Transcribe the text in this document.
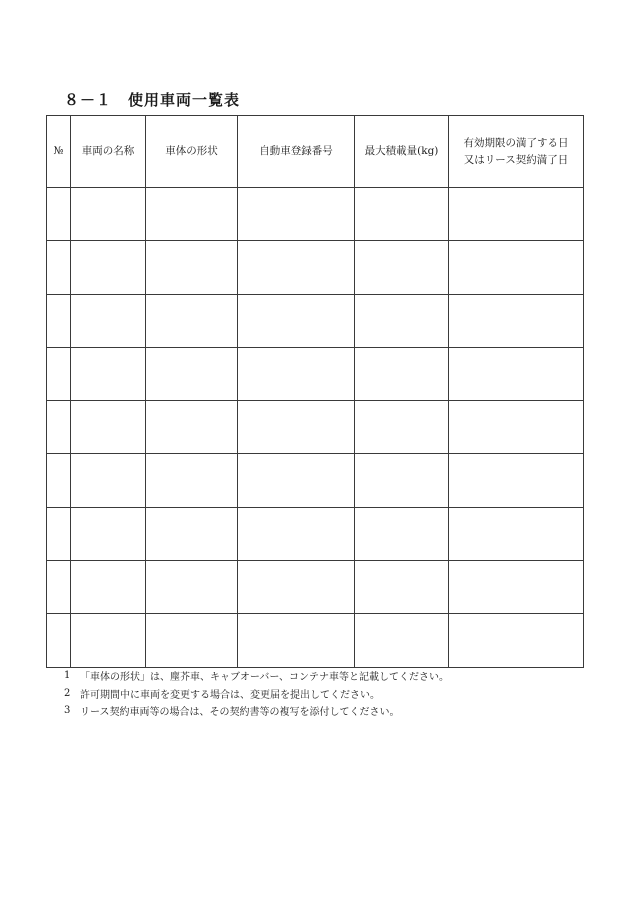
８－１　使用車両一覧表
№	車両の名称	車体の形状	自動車登録番号	最大積載量(kg)	有効期限の満了する日
又はリース契約満了日

1 「車体の形状」は、塵芥車、キャブオーバー、コンテナ車等と記載してください。
2 許可期間中に車両を変更する場合は、変更届を提出してください。
3 リース契約車両等の場合は、その契約書等の複写を添付してください。
